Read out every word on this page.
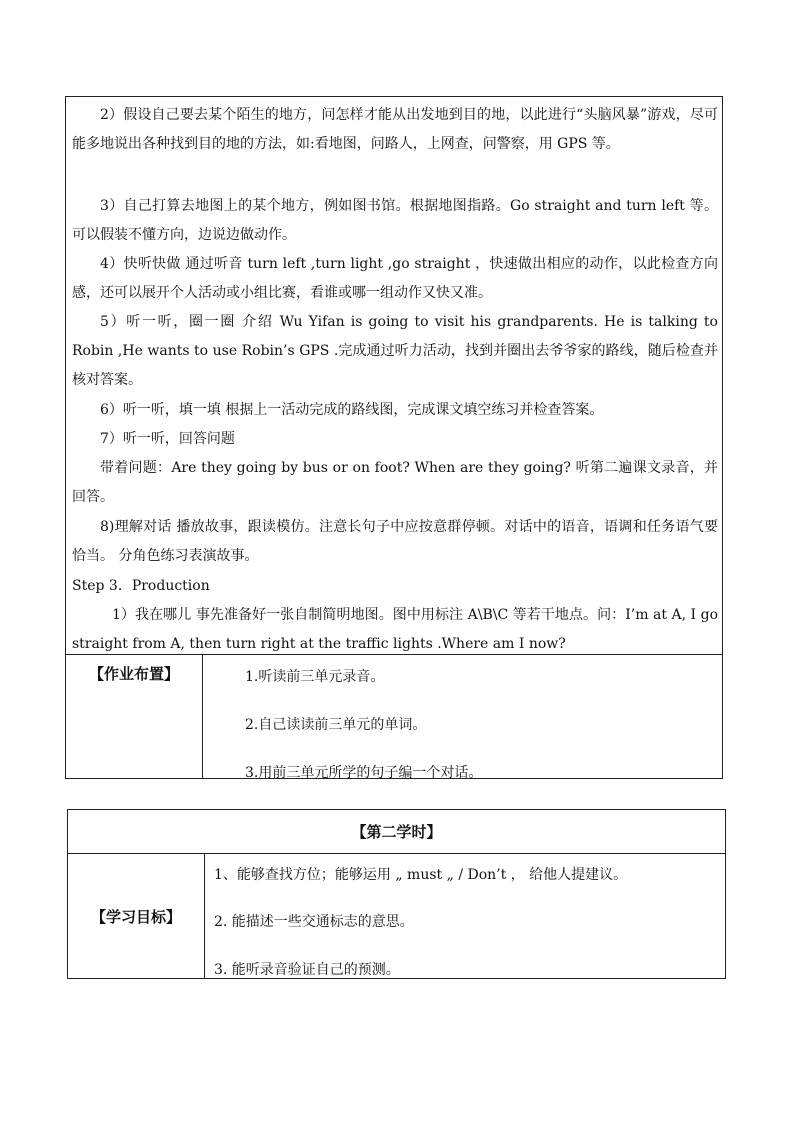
2）假设自己要去某个陌生的地方，问怎样才能从出发地到目的地，以此进行“头脑风暴”游戏，尽可能多地说出各种找到目的地的方法，如:看地图，问路人，上网查，问警察，用 GPS 等。
3）自己打算去地图上的某个地方，例如图书馆。根据地图指路。Go straight and turn left 等。可以假装不懂方向，边说边做动作。
4）快听快做 通过听音 turn left ,turn light ,go straight ，快速做出相应的动作，以此检查方向感，还可以展开个人活动或小组比赛，看谁或哪一组动作又快又准。
5）听一听，圈一圈 介绍 Wu Yifan is going to visit his grandparents. He is talking to Robin ,He wants to use Robin’s GPS .完成通过听力活动，找到并圈出去爷爷家的路线，随后检查并核对答案。
6）听一听，填一填 根据上一活动完成的路线图，完成课文填空练习并检查答案。
7）听一听，回答问题
带着问题：Are they going by bus or on foot? When are they going? 听第二遍课文录音，并回答。
8)理解对话 播放故事，跟读模仿。注意长句子中应按意群停顿。对话中的语音，语调和任务语气要恰当。 分角色练习表演故事。
Step 3．Production
1）我在哪儿 事先准备好一张自制简明地图。图中用标注 A\B\C 等若干地点。问：I’m at A, I go straight from A, then turn right at the traffic lights .Where am I now?
【作业布置】	1.听读前三单元录音。
2.自己读读前三单元的单词。
3.用前三单元所学的句子编一个对话。
【第二学时】
【学习目标】
1、能够查找方位；能够运用 „ must „ / Don’t ， 给他人提建议。
2. 能描述一些交通标志的意思。
3. 能听录音验证自己的预测。
